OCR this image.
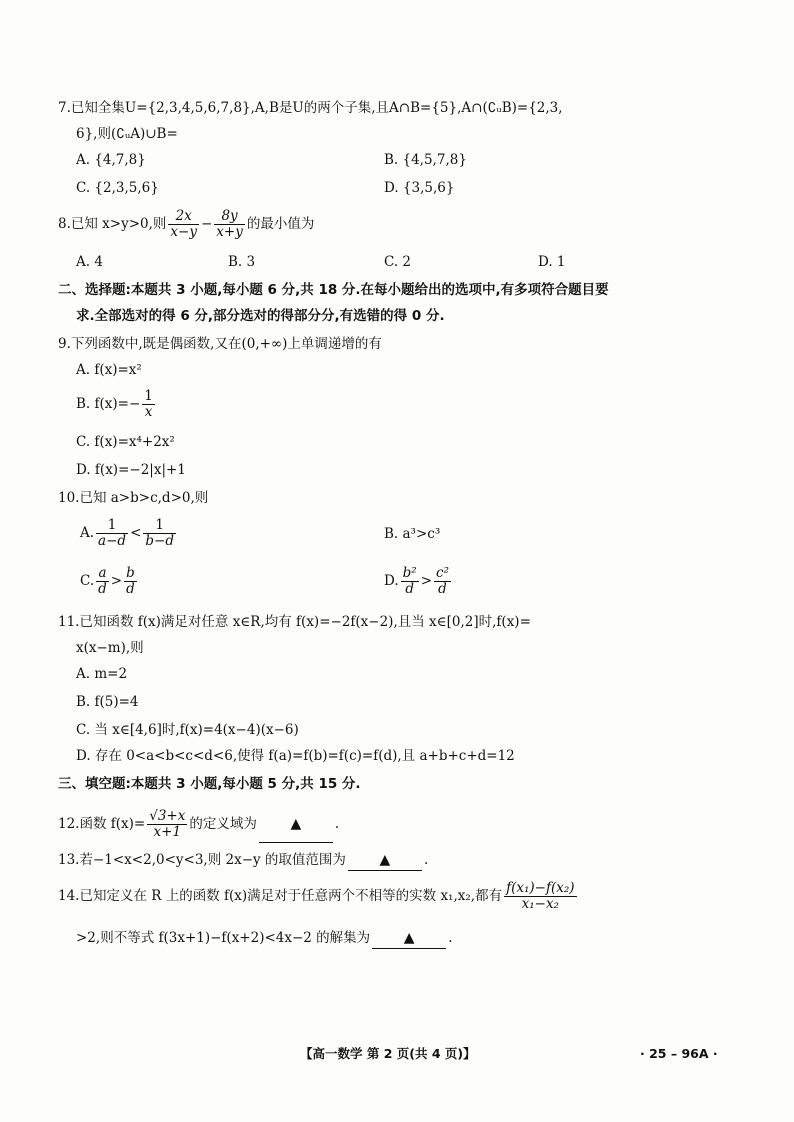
7.已知全集U={2,3,4,5,6,7,8},A,B是U的两个子集,且A∩B={5},A∩(∁ᵤB)={2,3,
6},则(∁ᵤA)∪B=
A. {4,7,8}	B. {4,5,7,8}
C. {2,3,5,6}	D. {3,5,6}
8.已知 x>y>0,则 $\frac{2x}{x-y} - \frac{8y}{x+y}$ 的最小值为
A. 4	B. 3	C. 2	D. 1
二、选择题:本题共 3 小题,每小题 6 分,共 18 分.在每小题给出的选项中,有多项符合题目要
求.全部选对的得 6 分,部分选对的得部分分,有选错的得 0 分.
9.下列函数中,既是偶函数,又在(0,+∞)上单调递增的有
A. f(x)=x²
B. $f(x)=- \frac{1}{x}$
C. f(x)=x⁴+2x²
D. f(x)=−2|x|+1
10.已知 a>b>c,d>0,则
A. $\frac{1}{a-d} < \frac{1}{b-d}$	B. a³>c³
C. $\frac{a}{d} > \frac{b}{d}$	D. $\frac{\text{b²}}{d} > \frac{\text{c²}}{d}$
11.已知函数 f(x)满足对任意 x∈R,均有 f(x)=−2f(x−2),且当 x∈[0,2]时,f(x)=
x(x−m),则
A. m=2
B. f(5)=4
C. 当 x∈[4,6]时,f(x)=4(x−4)(x−6)
D. 存在 0<a<b<c<d<6,使得 f(a)=f(b)=f(c)=f(d),且 a+b+c+d=12
三、填空题:本题共 3 小题,每小题 5 分,共 15 分.
12.函数 $f(x)= \frac{√3+x}{x+1}$ 的定义域为 ▲ .
13.若−1<x<2,0<y<3,则 2x−y 的取值范围为 ▲ .
14.已知定义在 R 上的函数 f(x)满足对于任意两个不相等的实数 x₁,x₂,都有 $\frac{\text{f(x₁)−f(x₂)}}{\text{x₁−x₂}}$
>2,则不等式 f(3x+1)−f(x+2)<4x−2 的解集为 ▲ .
【高一数学 第 2 页(共 4 页)】	· 25 – 96A ·
